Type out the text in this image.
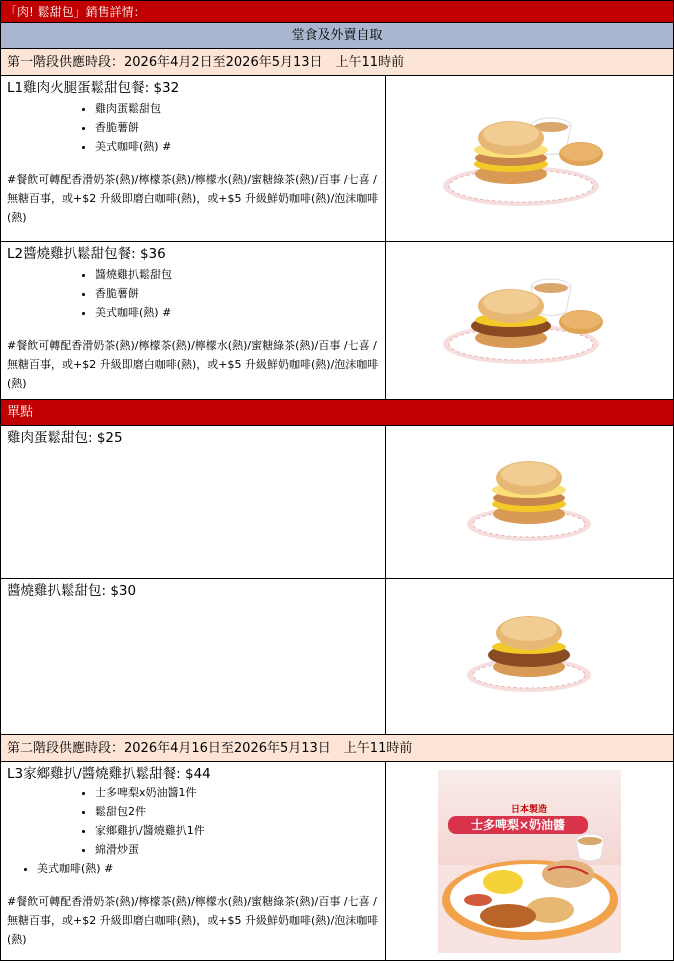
「肉! 鬆甜包」銷售詳情：
堂食及外賣自取
第一階段供應時段：2026年4月2日至2026年5月13日　上午11時前
L1雞肉火腿蛋鬆甜包餐: $32
• 雞肉蛋鬆甜包
• 香脆薯餅
• 美式咖啡(熱) #
#餐飲可轉配香滑奶茶(熱)/檸檬茶(熱)/檸檬水(熱)/蜜糖綠茶(熱)/百事 /七喜 / 無糖百事，或+$2 升級即磨白咖啡(熱)，或+$5 升級鮮奶咖啡(熱)/泡沫咖啡(熱)
L2醬燒雞扒鬆甜包餐: $36
• 醬燒雞扒鬆甜包
• 香脆薯餅
• 美式咖啡(熱) #
#餐飲可轉配香滑奶茶(熱)/檸檬茶(熱)/檸檬水(熱)/蜜糖綠茶(熱)/百事 /七喜 / 無糖百事，或+$2 升級即磨白咖啡(熱)，或+$5 升級鮮奶咖啡(熱)/泡沫咖啡(熱)
單點
雞肉蛋鬆甜包: $25
醬燒雞扒鬆甜包: $30
第二階段供應時段：2026年4月16日至2026年5月13日　上午11時前
L3家鄉雞扒/醬燒雞扒鬆甜餐: $44
• 士多啤梨x奶油醬1件
• 鬆甜包2件
• 家鄉雞扒/醬燒雞扒1件
• 綿滑炒蛋
• 美式咖啡(熱) #
#餐飲可轉配香滑奶茶(熱)/檸檬茶(熱)/檸檬水(熱)/蜜糖綠茶(熱)/百事 /七喜 / 無糖百事，或+$2 升級即磨白咖啡(熱)，或+$5 升級鮮奶咖啡(熱)/泡沫咖啡(熱)
日本製造
士多啤梨×奶油醬
